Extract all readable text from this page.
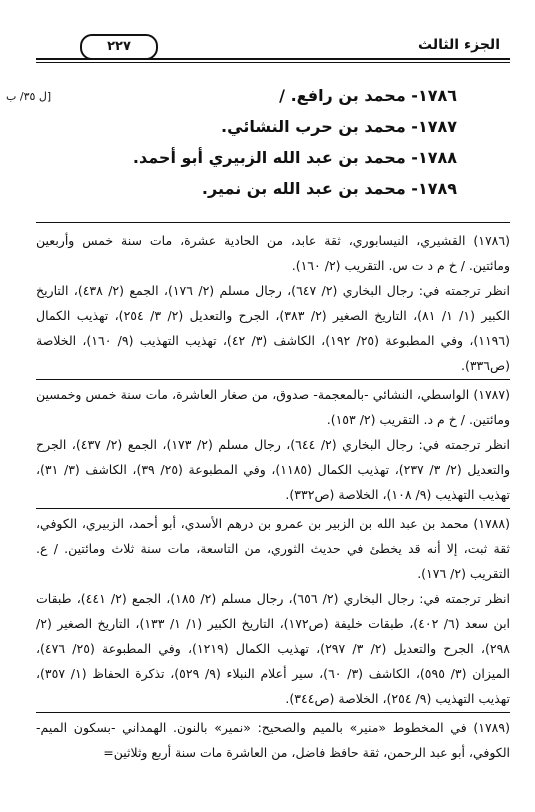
٢٢٧	الجزء الثالث
[ل ٣٥/ ب	١٧٨٦- محمد بن رافع. /
١٧٨٧- محمد بن حرب النشائي.
١٧٨٨- محمد بن عبد الله الزبيري أبو أحمد.
١٧٨٩- محمد بن عبد الله بن نمير.

(١٧٨٦) القشيري، النيسابوري، ثقة عابد، من الحادية عشرة، مات سنة خمس وأربعين ومائتين. / خ م د ت س. التقريب (٢/ ١٦٠).

انظر ترجمته في: رجال البخاري (٢/ ٦٤٧)، رجال مسلم (٢/ ١٧٦)، الجمع (٢/ ٤٣٨)، التاريخ الكبير (١/ ١/ ٨١)، التاريخ الصغير (٢/ ٣٨٣)، الجرح والتعديل (٢/ ٣/ ٢٥٤)، تهذيب الكمال (١١٩٦)، وفي المطبوعة (٢٥/ ١٩٢)، الكاشف (٣/ ٤٢)، تهذيب التهذيب (٩/ ١٦٠)، الخلاصة (ص٣٣٦).

(١٧٨٧) الواسطي، النشائي -بالمعجمة- صدوق، من صغار العاشرة، مات سنة خمس وخمسين ومائتين. / خ م د. التقريب (٢/ ١٥٣).

انظر ترجمته في: رجال البخاري (٢/ ٦٤٤)، رجال مسلم (٢/ ١٧٣)، الجمع (٢/ ٤٣٧)، الجرح والتعديل (٢/ ٣/ ٢٣٧)، تهذيب الكمال (١١٨٥)، وفي المطبوعة (٢٥/ ٣٩)، الكاشف (٣/ ٣١)، تهذيب التهذيب (٩/ ١٠٨)، الخلاصة (ص٣٣٢).

(١٧٨٨) محمد بن عبد الله بن الزبير بن عمرو بن درهم الأسدي، أبو أحمد، الزبيري، الكوفي، ثقة ثبت، إلا أنه قد يخطئ في حديث الثوري، من التاسعة، مات سنة ثلاث ومائتين. / ع. التقريب (٢/ ١٧٦).

انظر ترجمته في: رجال البخاري (٢/ ٦٥٦)، رجال مسلم (٢/ ١٨٥)، الجمع (٢/ ٤٤١)، طبقات ابن سعد (٦/ ٤٠٢)، طبقات خليفة (ص١٧٢)، التاريخ الكبير (١/ ١/ ١٣٣)، التاريخ الصغير (٢/ ٢٩٨)، الجرح والتعديل (٢/ ٣/ ٢٩٧)، تهذيب الكمال (١٢١٩)، وفي المطبوعة (٢٥/ ٤٧٦)، الميزان (٣/ ٥٩٥)، الكاشف (٣/ ٦٠)، سير أعلام النبلاء (٩/ ٥٢٩)، تذكرة الحفاظ (١/ ٣٥٧)، تهذيب التهذيب (٩/ ٢٥٤)، الخلاصة (ص٣٤٤).

(١٧٨٩) في المخطوط «منير» بالميم والصحيح: «نمير» بالنون. الهمداني -بسكون الميم- الكوفي، أبو عبد الرحمن، ثقة حافظ فاضل، من العاشرة مات سنة أربع وثلاثين=
